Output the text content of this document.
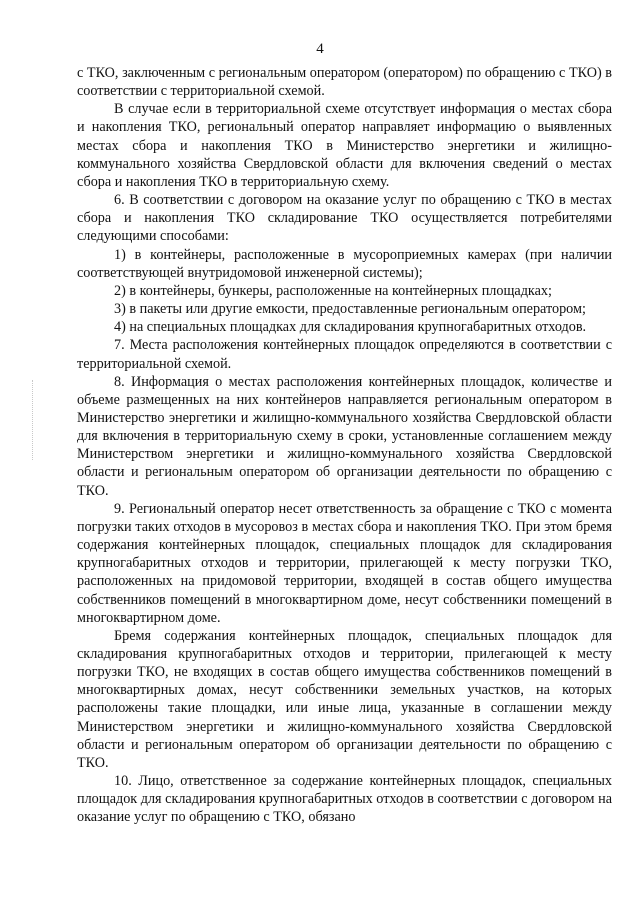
4

с ТКО, заключенным с региональным оператором (оператором) по обращению с ТКО) в соответствии с территориальной схемой.

В случае если в территориальной схеме отсутствует информация о местах сбора и накопления ТКО, региональный оператор направляет информацию о выявленных местах сбора и накопления ТКО в Министерство энергетики и жилищно-коммунального хозяйства Свердловской области для включения сведений о местах сбора и накопления ТКО в территориальную схему.

6. В соответствии с договором на оказание услуг по обращению с ТКО в местах сбора и накопления ТКО складирование ТКО осуществляется потребителями следующими способами:

1) в контейнеры, расположенные в мусороприемных камерах (при наличии соответствующей внутридомовой инженерной системы);

2) в контейнеры, бункеры, расположенные на контейнерных площадках;

3) в пакеты или другие емкости, предоставленные региональным оператором;

4) на специальных площадках для складирования крупногабаритных отходов.

7. Места расположения контейнерных площадок определяются в соответствии с территориальной схемой.

8. Информация о местах расположения контейнерных площадок, количестве и объеме размещенных на них контейнеров направляется региональным оператором в Министерство энергетики и жилищно-коммунального хозяйства Свердловской области для включения в территориальную схему в сроки, установленные соглашением между Министерством энергетики и жилищно-коммунального хозяйства Свердловской области и региональным оператором об организации деятельности по обращению с ТКО.

9. Региональный оператор несет ответственность за обращение с ТКО с момента погрузки таких отходов в мусоровоз в местах сбора и накопления ТКО. При этом бремя содержания контейнерных площадок, специальных площадок для складирования крупногабаритных отходов и территории, прилегающей к месту погрузки ТКО, расположенных на придомовой территории, входящей в состав общего имущества собственников помещений в многоквартирном доме, несут собственники помещений в многоквартирном доме.

Бремя содержания контейнерных площадок, специальных площадок для складирования крупногабаритных отходов и территории, прилегающей к месту погрузки ТКО, не входящих в состав общего имущества собственников помещений в многоквартирных домах, несут собственники земельных участков, на которых расположены такие площадки, или иные лица, указанные в соглашении между Министерством энергетики и жилищно-коммунального хозяйства Свердловской области и региональным оператором об организации деятельности по обращению с ТКО.

10. Лицо, ответственное за содержание контейнерных площадок, специальных площадок для складирования крупногабаритных отходов в соответствии с договором на оказание услуг по обращению с ТКО, обязано
